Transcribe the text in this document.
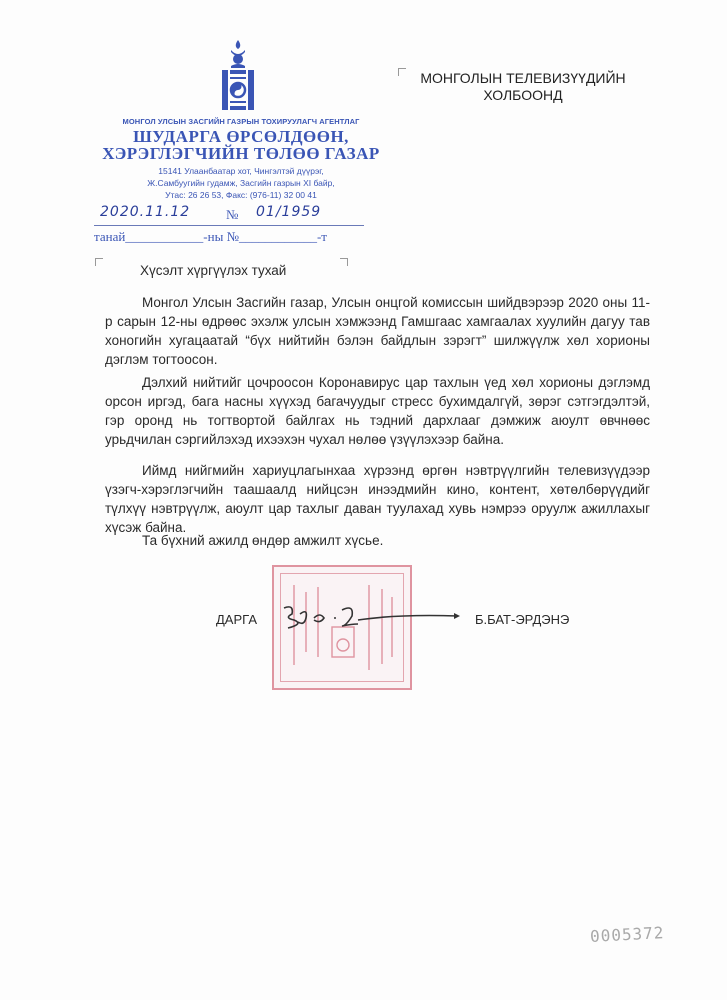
МОНГОЛ УЛСЫН ЗАСГИЙН ГАЗРЫН ТОХИРУУЛАГЧ АГЕНТЛАГ
ШУДАРГА ӨРСӨЛДӨӨН,
ХЭРЭГЛЭГЧИЙН ТӨЛӨӨ ГАЗАР
15141 Улаанбаатар хот, Чингэлтэй дүүрэг,
Ж.Самбуугийн гудамж, Засгийн газрын XI байр,
Утас: 26 26 53, Факс: (976-11) 32 00 41
2020.11.12	№ 01/1959
танай____________-ны №____________-т
МОНГОЛЫН ТЕЛЕВИЗҮҮДИЙН
ХОЛБООНД
Хүсэлт хүргүүлэх тухай

Монгол Улсын Засгийн газар, Улсын онцгой комиссын шийдвэрээр 2020 оны 11-р сарын 12-ны өдрөөс эхэлж улсын хэмжээнд Гамшгаас хамгаалах хуулийн дагуу тав хоногийн хугацаатай “бүх нийтийн бэлэн байдлын зэрэгт” шилжүүлж хөл хорионы дэглэм тогтоосон.

Дэлхий нийтийг цочроосон Коронавирус цар тахлын үед хөл хорионы дэглэмд орсон иргэд, бага насны хүүхэд багачуудыг стресс бухимдалгүй, зөрэг сэтгэгдэлтэй, гэр оронд нь тогтвортой байлгах нь тэдний дархлааг дэмжиж аюулт өвчнөөс урьдчилан сэргийлэхэд ихээхэн чухал нөлөө үзүүлэхээр байна.

Иймд нийгмийн хариуцлагынхаа хүрээнд өргөн нэвтрүүлгийн телевизүүдээр үзэгч-хэрэглэгчийн таашаалд нийцсэн инээдмийн кино, контент, хөтөлбөрүүдийг түлхүү нэвтрүүлж, аюулт цар тахлыг даван туулахад хувь нэмрээ оруулж ажиллахыг хүсэж байна.

Та бүхний ажилд өндөр амжилт хүсье.

ДАРГА	Б.БАТ-ЭРДЭНЭ
0005372
